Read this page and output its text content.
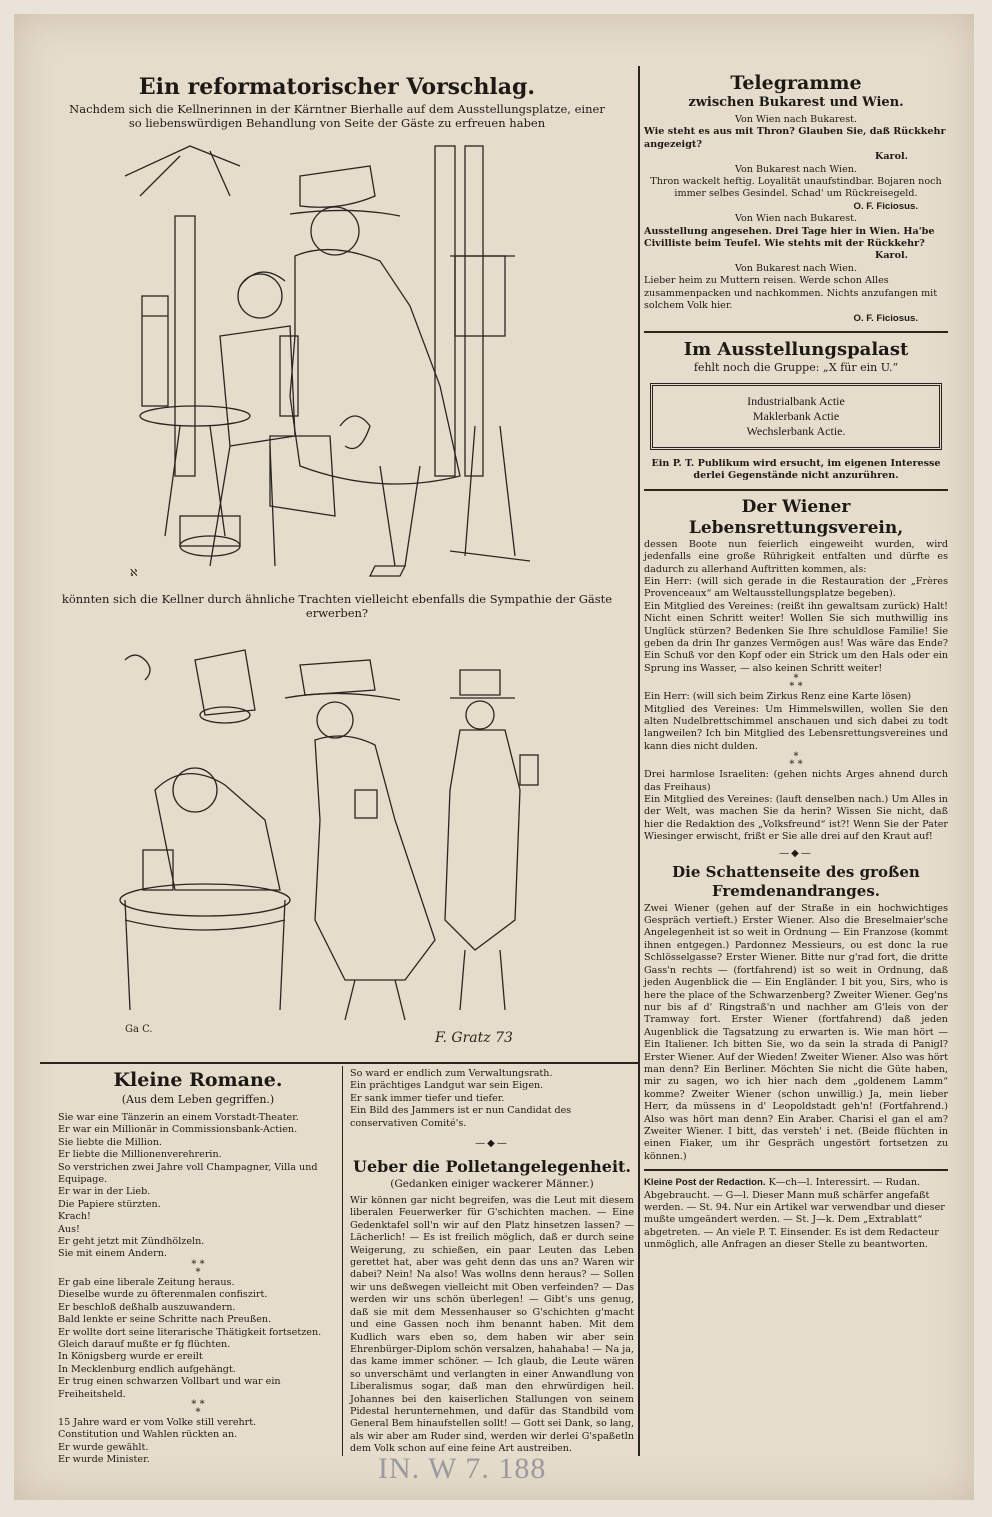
Ein reformatorischer Vorschlag.

Nachdem sich die Kellnerinnen in der Kärntner Bierhalle auf dem Ausstellungsplatze, einer

so liebenswürdigen Behandlung von Seite der Gäste zu erfreuen haben

ℵ

könnten sich die Kellner durch ähnliche Trachten vielleicht ebenfalls die Sympathie der Gäste erwerben?

Ga C.
F. Gratz 73
Kleine Romane.

(Aus dem Leben gegriffen.)

Sie war eine Tänzerin an einem Vorstadt-Theater.

Er war ein Millionär in Commissionsbank-Actien.

Sie liebte die Million.

Er liebte die Millionenverehrerin.

So verstrichen zwei Jahre voll Champagner, Villa und Equipage.

Er war in der Lieb.

Die Papiere stürzten.

Krach!

Aus!

Er geht jetzt mit Zündhölzeln.

Sie mit einem Andern.

* *
*

Er gab eine liberale Zeitung heraus.

Dieselbe wurde zu öfterenmalen confiszirt.

Er beschloß deßhalb auszuwandern.

Bald lenkte er seine Schritte nach Preußen.

Er wollte dort seine literarische Thätigkeit fortsetzen.

Gleich darauf mußte er fg flüchten.

In Königsberg wurde er ereilt

In Mecklenburg endlich aufgehängt.

Er trug einen schwarzen Vollbart und war ein Freiheitsheld.

* *
*

15 Jahre ward er vom Volke still verehrt.

Constitution und Wahlen rückten an.

Er wurde gewählt.

Er wurde Minister.

So ward er endlich zum Verwaltungsrath.

Ein prächtiges Landgut war sein Eigen.

Er sank immer tiefer und tiefer.

Ein Bild des Jammers ist er nun Candidat des conservativen Comité's.

—◆—
Ueber die Polletangelegenheit.

(Gedanken einiger wackerer Männer.)

Wir können gar nicht begreifen, was die Leut mit diesem liberalen Feuerwerker für G'schichten machen. — Eine Gedenktafel soll'n wir auf den Platz hinsetzen lassen? — Lächerlich! — Es ist freilich möglich, daß er durch seine Weigerung, zu schießen, ein paar Leuten das Leben gerettet hat, aber was geht denn das uns an? Waren wir dabei? Nein! Na also! Was wollns denn heraus? — Sollen wir uns deßwegen vielleicht mit Oben verfeinden? — Das werden wir uns schön überlegen! — Gibt's uns genug, daß sie mit dem Messenhauser so G'schichten g'macht und eine Gassen noch ihm benannt haben. Mit dem Kudlich wars eben so, dem haben wir aber sein Ehrenbürger-Diplom schön versalzen, hahahaba! — Na ja, das kame immer schöner. — Ich glaub, die Leute wären so unverschämt und verlangten in einer Anwandlung von Liberalismus sogar, daß man den ehrwürdigen heil. Johannes bei den kaiserlichen Stallungen von seinem Pidestal herunternehmen, und dafür das Standbild vom General Bem hinaufstellen sollt! — Gott sei Dank, so lang, als wir aber am Ruder sind, werden wir derlei G'spaßetln dem Volk schon auf eine feine Art austreiben.

Telegramme
zwischen Bukarest und Wien.

Von Wien nach Bukarest.

Wie steht es aus mit Thron? Glauben Sie, daß Rückkehr angezeigt?

Karol.

Von Bukarest nach Wien.

Thron wackelt heftig. Loyalität unaufstindbar. Bojaren noch immer selbes Gesindel. Schad' um Rückreisegeld.

O. F. Ficiosus.

Von Wien nach Bukarest.

Ausstellung angesehen. Drei Tage hier in Wien. Ha'be Civilliste beim Teufel. Wie stehts mit der Rückkehr?

Karol.

Von Bukarest nach Wien.

Lieber heim zu Muttern reisen. Werde schon Alles zusammenpacken und nachkommen. Nichts anzufangen mit solchem Volk hier.

O. F. Ficiosus.

Im Ausstellungspalast

fehlt noch die Gruppe: „X für ein U.“

Industrialbank Actie

Maklerbank Actie

Wechslerbank Actie.

Ein P. T. Publikum wird ersucht, im eigenen Interesse derlei Gegenstände nicht anzurühren.

Der Wiener Lebensrettungsverein,

dessen Boote nun feierlich eingeweiht wurden, wird jedenfalls eine große Rührigkeit entfalten und dürfte es dadurch zu allerhand Auftritten kommen, als:

Ein Herr: (will sich gerade in die Restauration der „Frères Provenceaux“ am Weltausstellungsplatze begeben).

Ein Mitglied des Vereines: (reißt ihn gewaltsam zurück) Halt! Nicht einen Schritt weiter! Wollen Sie sich muthwillig ins Unglück stürzen? Bedenken Sie Ihre schuldlose Familie! Sie geben da drin Ihr ganzes Vermögen aus! Was wäre das Ende? Ein Schuß vor den Kopf oder ein Strick um den Hals oder ein Sprung ins Wasser, — also keinen Schritt weiter!

*
* *

Ein Herr: (will sich beim Zirkus Renz eine Karte lösen)

Mitglied des Vereines: Um Himmelswillen, wollen Sie den alten Nudelbrettschimmel anschauen und sich dabei zu todt langweilen? Ich bin Mitglied des Lebensrettungsvereines und kann dies nicht dulden.

*
* *

Drei harmlose Israeliten: (gehen nichts Arges ahnend durch das Freihaus)

Ein Mitglied des Vereines: (lauft denselben nach.) Um Alles in der Welt, was machen Sie da herin? Wissen Sie nicht, daß hier die Redaktion des „Volksfreund“ ist?! Wenn Sie der Pater Wiesinger erwischt, frißt er Sie alle drei auf den Kraut auf!

—◆—
Die Schattenseite des großen
Fremdenandranges.

Zwei Wiener (gehen auf der Straße in ein hochwichtiges Gespräch vertieft.) Erster Wiener. Also die Breselmaier'sche Angelegenheit ist so weit in Ordnung — Ein Franzose (kommt ihnen entgegen.) Pardonnez Messieurs, ou est donc la rue Schlösselgasse? Erster Wiener. Bitte nur g'rad fort, die dritte Gass'n rechts — (fortfahrend) ist so weit in Ordnung, daß jeden Augenblick die — Ein Engländer. I bit you, Sirs, who is here the place of the Schwarzenberg? Zweiter Wiener. Geg'ns nur bis af d' Ringstraß'n und nachher am G'leis von der Tramway fort. Erster Wiener (fortfahrend) daß jeden Augenblick die Tagsatzung zu erwarten is. Wie man hört — Ein Italiener. Ich bitten Sie, wo da sein la strada di Panigl? Erster Wiener. Auf der Wieden! Zweiter Wiener. Also was hört man denn? Ein Berliner. Möchten Sie nicht die Güte haben, mir zu sagen, wo ich hier nach dem „goldenem Lamm“ komme? Zweiter Wiener (schon unwillig.) Ja, mein lieber Herr, da müssens in d' Leopoldstadt geh'n! (Fortfahrend.) Also was hört man denn? Ein Araber. Charisi el gan el am? Zweiter Wiener. I bitt, das versteh' i net. (Beide flüchten in einen Fiaker, um ihr Gespräch ungestört fortsetzen zu können.)

Kleine Post der Redaction. K—ch—l. Interessirt. — Rudan. Abgebraucht. — G—l. Dieser Mann muß schärfer angefaßt werden. — St. 94. Nur ein Artikel war verwendbar und dieser mußte umgeändert werden. — St. J—k. Dem „Extrablatt“ abgetreten. — An viele P. T. Einsender. Es ist dem Redacteur unmöglich, alle Anfragen an dieser Stelle zu beantworten.

IN. W 7. 188
